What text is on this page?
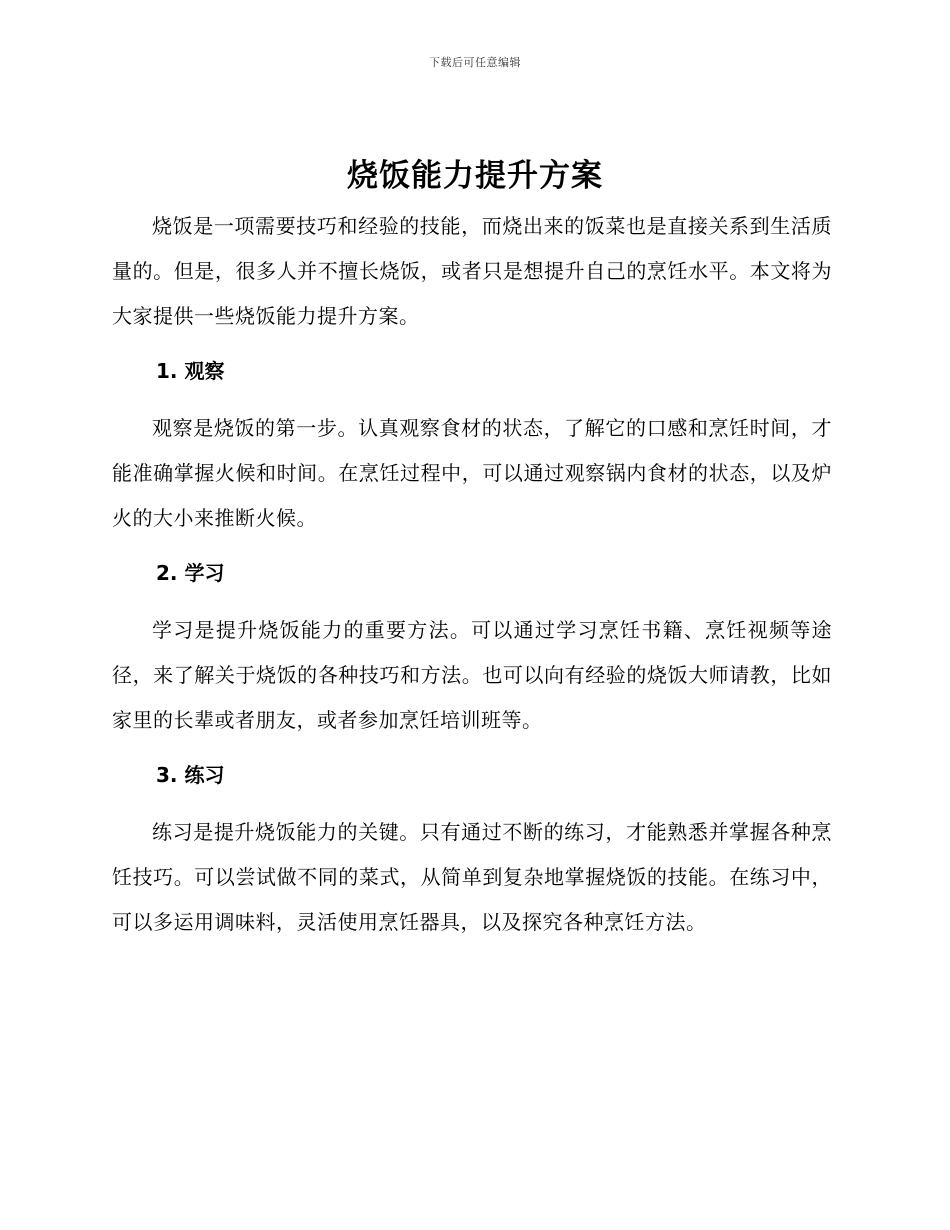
下载后可任意编辑
烧饭能力提升方案

烧饭是一项需要技巧和经验的技能，而烧出来的饭菜也是直接关系到生活质量的。但是，很多人并不擅长烧饭，或者只是想提升自己的烹饪水平。本文将为大家提供一些烧饭能力提升方案。

1. 观察

观察是烧饭的第一步。认真观察食材的状态，了解它的口感和烹饪时间，才能准确掌握火候和时间。在烹饪过程中，可以通过观察锅内食材的状态，以及炉火的大小来推断火候。

2. 学习

学习是提升烧饭能力的重要方法。可以通过学习烹饪书籍、烹饪视频等途径，来了解关于烧饭的各种技巧和方法。也可以向有经验的烧饭大师请教，比如家里的长辈或者朋友，或者参加烹饪培训班等。

3. 练习

练习是提升烧饭能力的关键。只有通过不断的练习，才能熟悉并掌握各种烹饪技巧。可以尝试做不同的菜式，从简单到复杂地掌握烧饭的技能。在练习中，可以多运用调味料，灵活使用烹饪器具，以及探究各种烹饪方法。
